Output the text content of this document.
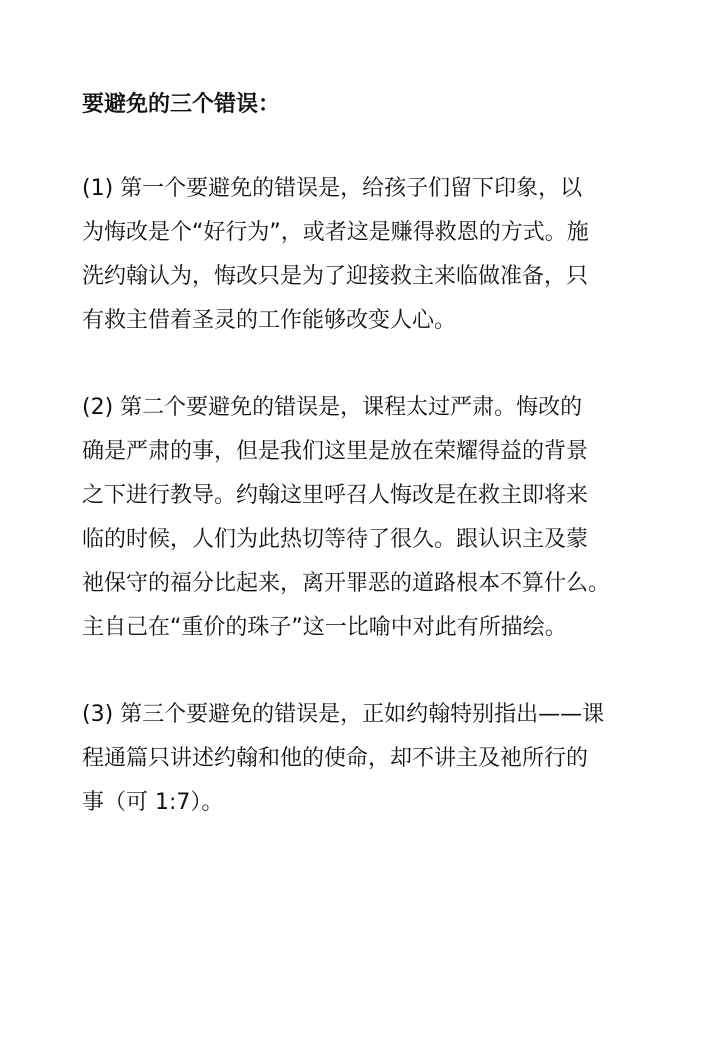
要避免的三个错误：
(1) 第一个要避免的错误是，给孩子们留下印象，以
为悔改是个“好行为”，或者这是赚得救恩的方式。施
洗约翰认为，悔改只是为了迎接救主来临做准备，只
有救主借着圣灵的工作能够改变人心。
(2) 第二个要避免的错误是，课程太过严肃。悔改的
确是严肃的事，但是我们这里是放在荣耀得益的背景
之下进行教导。约翰这里呼召人悔改是在救主即将来
临的时候，人们为此热切等待了很久。跟认识主及蒙
祂保守的福分比起来，离开罪恶的道路根本不算什么。
主自己在“重价的珠子”这一比喻中对此有所描绘。
(3) 第三个要避免的错误是，正如约翰特别指出——课
程通篇只讲述约翰和他的使命，却不讲主及祂所行的
事（可 1:7）。
